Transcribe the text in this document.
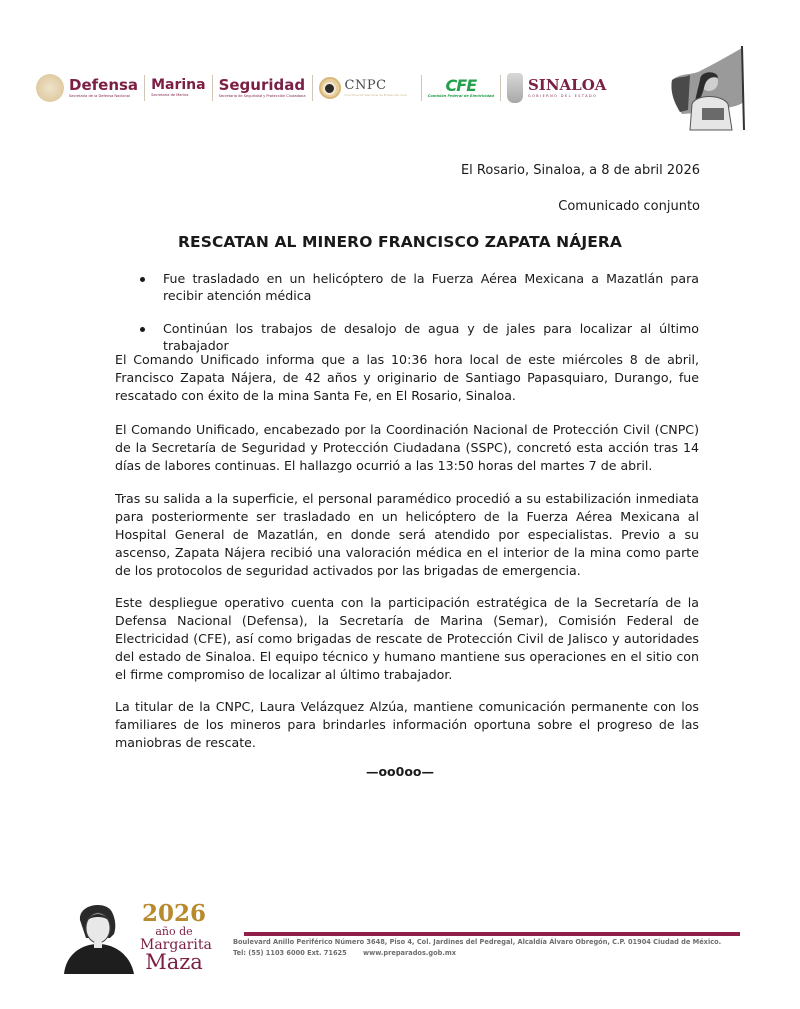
Defensa
Secretaría de la Defensa Nacional
Marina
Secretaría de Marina
Seguridad
Secretaría de Seguridad y Protección Ciudadana
CNPC
Coordinación Nacional de Protección Civil
CFE
Comisión Federal de Electricidad
SINALOA
GOBIERNO DEL ESTADO
El Rosario, Sinaloa, a 8 de abril 2026
Comunicado conjunto
RESCATAN AL MINERO FRANCISCO ZAPATA NÁJERA
Fue trasladado en un helicóptero de la Fuerza Aérea Mexicana a Mazatlán para recibir atención médica
Continúan los trabajos de desalojo de agua y de jales para localizar al último trabajador

El Comando Unificado informa que a las 10:36 hora local de este miércoles 8 de abril, Francisco Zapata Nájera, de 42 años y originario de Santiago Papasquiaro, Durango, fue rescatado con éxito de la mina Santa Fe, en El Rosario, Sinaloa.

El Comando Unificado, encabezado por la Coordinación Nacional de Protección Civil (CNPC) de la Secretaría de Seguridad y Protección Ciudadana (SSPC), concretó esta acción tras 14 días de labores continuas. El hallazgo ocurrió a las 13:50 horas del martes 7 de abril.

Tras su salida a la superficie, el personal paramédico procedió a su estabilización inmediata para posteriormente ser trasladado en un helicóptero de la Fuerza Aérea Mexicana al Hospital General de Mazatlán, en donde será atendido por especialistas. Previo a su ascenso, Zapata Nájera recibió una valoración médica en el interior de la mina como parte de los protocolos de seguridad activados por las brigadas de emergencia.

Este despliegue operativo cuenta con la participación estratégica de la Secretaría de la Defensa Nacional (Defensa), la Secretaría de Marina (Semar), Comisión Federal de Electricidad (CFE), así como brigadas de rescate de Protección Civil de Jalisco y autoridades del estado de Sinaloa. El equipo técnico y humano mantiene sus operaciones en el sitio con el firme compromiso de localizar al último trabajador.

La titular de la CNPC, Laura Velázquez Alzúa, mantiene comunicación permanente con los familiares de los mineros para brindarles información oportuna sobre el progreso de las maniobras de rescate.

—oo0oo—
2026
año de
Margarita
Maza
Boulevard Anillo Periférico Número 3648, Piso 4, Col. Jardines del Pedregal, Alcaldía Álvaro Obregón, C.P. 01904 Ciudad de México. Tel: (55) 1103 6000 Ext. 71625 www.preparados.gob.mx
